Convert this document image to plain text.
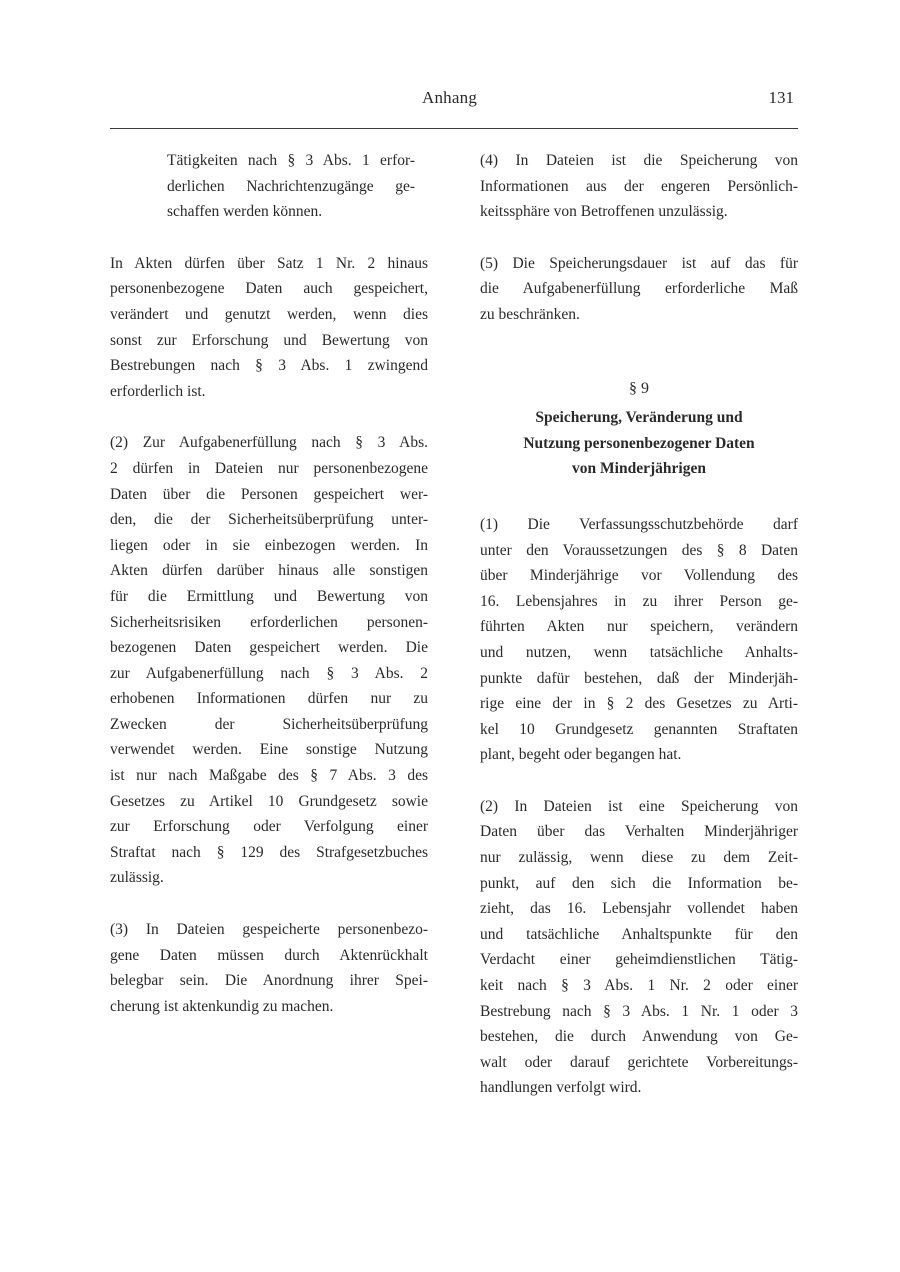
Anhang	131
Tätigkeiten nach § 3 Abs. 1 erfor-
derlichen Nachrichtenzugänge ge-
schaffen werden können.
In Akten dürfen über Satz 1 Nr. 2 hinaus
personenbezogene Daten auch gespeichert,
verändert und genutzt werden, wenn dies
sonst zur Erforschung und Bewertung von
Bestrebungen nach § 3 Abs. 1 zwingend
erforderlich ist.
(2) Zur Aufgabenerfüllung nach § 3 Abs.
2 dürfen in Dateien nur personenbezogene
Daten über die Personen gespeichert wer-
den, die der Sicherheitsüberprüfung unter-
liegen oder in sie einbezogen werden. In
Akten dürfen darüber hinaus alle sonstigen
für die Ermittlung und Bewertung von
Sicherheitsrisiken erforderlichen personen-
bezogenen Daten gespeichert werden. Die
zur Aufgabenerfüllung nach § 3 Abs. 2
erhobenen Informationen dürfen nur zu
Zwecken der Sicherheitsüberprüfung
verwendet werden. Eine sonstige Nutzung
ist nur nach Maßgabe des § 7 Abs. 3 des
Gesetzes zu Artikel 10 Grundgesetz sowie
zur Erforschung oder Verfolgung einer
Straftat nach § 129 des Strafgesetzbuches
zulässig.
(3) In Dateien gespeicherte personenbezo-
gene Daten müssen durch Aktenrückhalt
belegbar sein. Die Anordnung ihrer Spei-
cherung ist aktenkundig zu machen.
(4) In Dateien ist die Speicherung von
Informationen aus der engeren Persönlich-
keitssphäre von Betroffenen unzulässig.
(5) Die Speicherungsdauer ist auf das für
die Aufgabenerfüllung erforderliche Maß
zu beschränken.

§ 9

Speicherung, Veränderung und

Nutzung personenbezogener Daten

von Minderjährigen

(1) Die Verfassungsschutzbehörde darf
unter den Voraussetzungen des § 8 Daten
über Minderjährige vor Vollendung des
16. Lebensjahres in zu ihrer Person ge-
führten Akten nur speichern, verändern
und nutzen, wenn tatsächliche Anhalts-
punkte dafür bestehen, daß der Minderjäh-
rige eine der in § 2 des Gesetzes zu Arti-
kel 10 Grundgesetz genannten Straftaten
plant, begeht oder begangen hat.
(2) In Dateien ist eine Speicherung von
Daten über das Verhalten Minderjähriger
nur zulässig, wenn diese zu dem Zeit-
punkt, auf den sich die Information be-
zieht, das 16. Lebensjahr vollendet haben
und tatsächliche Anhaltspunkte für den
Verdacht einer geheimdienstlichen Tätig-
keit nach § 3 Abs. 1 Nr. 2 oder einer
Bestrebung nach § 3 Abs. 1 Nr. 1 oder 3
bestehen, die durch Anwendung von Ge-
walt oder darauf gerichtete Vorbereitungs-
handlungen verfolgt wird.
